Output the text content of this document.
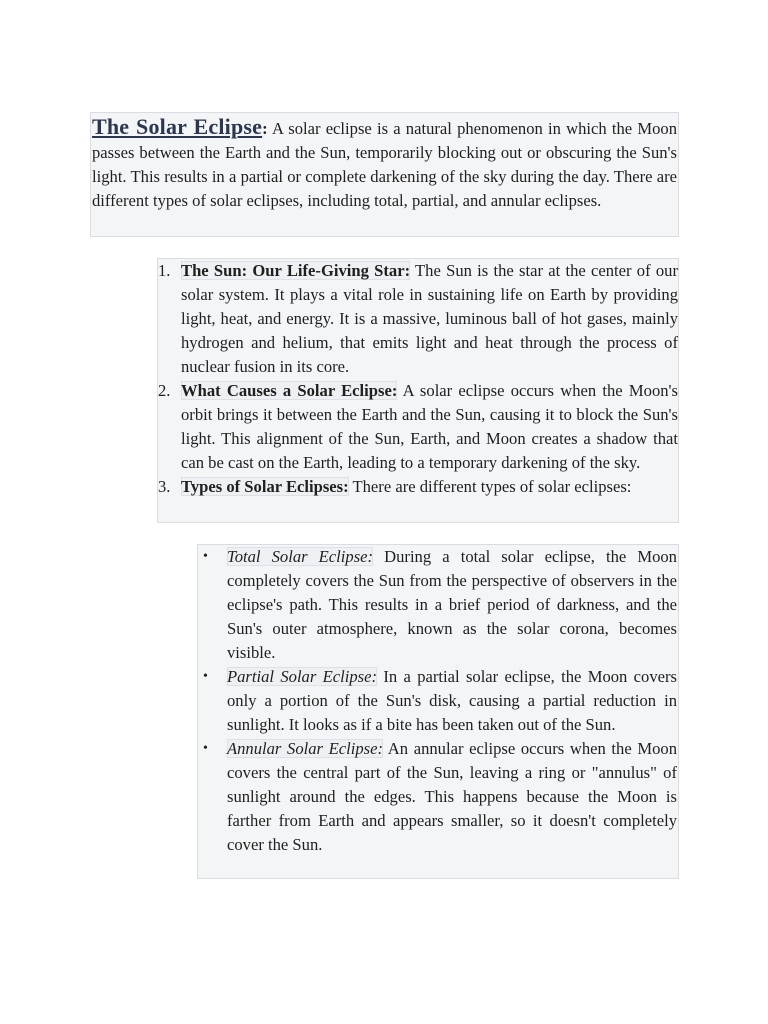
The Solar Eclipse: A solar eclipse is a natural phenomenon in which the Moon passes between the Earth and the Sun, temporarily blocking out or obscuring the Sun's light. This results in a partial or complete darkening of the sky during the day. There are different types of solar eclipses, including total, partial, and annular eclipses.
1. The Sun: Our Life-Giving Star: The Sun is the star at the center of our solar system. It plays a vital role in sustaining life on Earth by providing light, heat, and energy. It is a massive, luminous ball of hot gases, mainly hydrogen and helium, that emits light and heat through the process of nuclear fusion in its core.
2. What Causes a Solar Eclipse: A solar eclipse occurs when the Moon's orbit brings it between the Earth and the Sun, causing it to block the Sun's light. This alignment of the Sun, Earth, and Moon creates a shadow that can be cast on the Earth, leading to a temporary darkening of the sky.
3. Types of Solar Eclipses: There are different types of solar eclipses:
• Total Solar Eclipse: During a total solar eclipse, the Moon completely covers the Sun from the perspective of observers in the eclipse's path. This results in a brief period of darkness, and the Sun's outer atmosphere, known as the solar corona, becomes visible.
• Partial Solar Eclipse: In a partial solar eclipse, the Moon covers only a portion of the Sun's disk, causing a partial reduction in sunlight. It looks as if a bite has been taken out of the Sun.
• Annular Solar Eclipse: An annular eclipse occurs when the Moon covers the central part of the Sun, leaving a ring or "annulus" of sunlight around the edges. This happens because the Moon is farther from Earth and appears smaller, so it doesn't completely cover the Sun.
